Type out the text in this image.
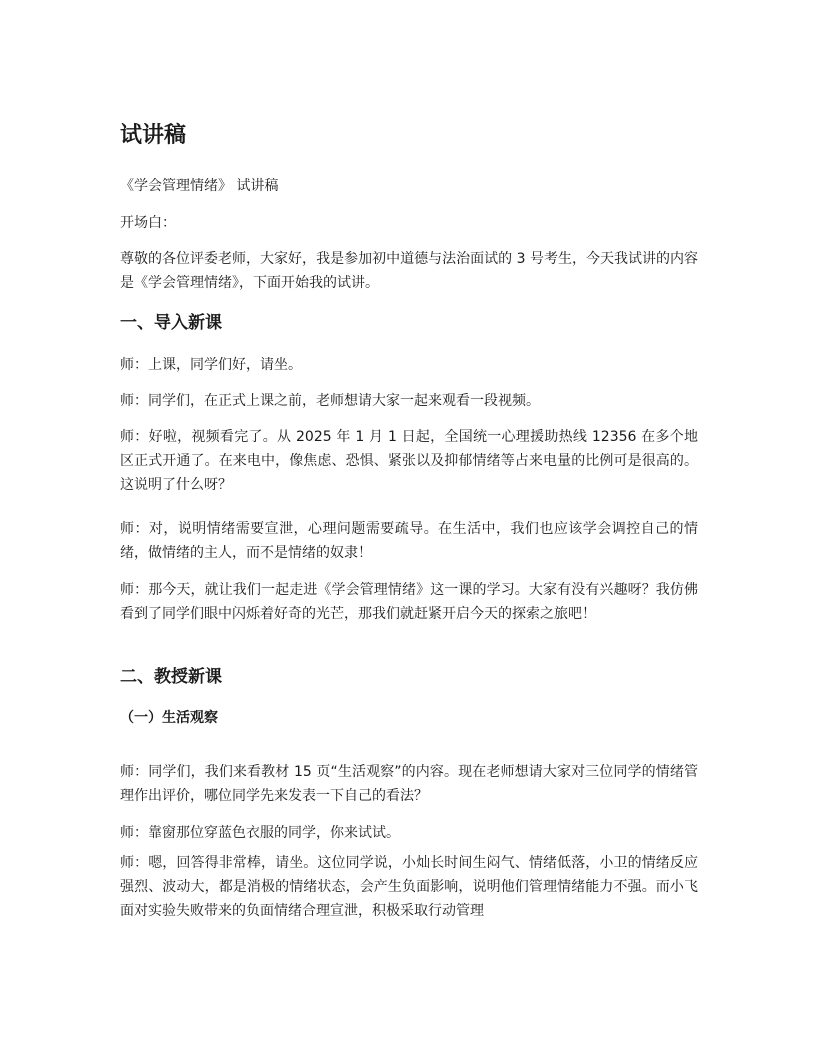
试讲稿

《学会管理情绪》 试讲稿

开场白：

尊敬的各位评委老师，大家好，我是参加初中道德与法治面试的 3 号考生，今天我试讲的内容是《学会管理情绪》，下面开始我的试讲。

一、导入新课

师：上课，同学们好，请坐。

师：同学们，在正式上课之前，老师想请大家一起来观看一段视频。

师：好啦，视频看完了。从 2025 年 1 月 1 日起，全国统一心理援助热线 12356 在多个地区正式开通了。在来电中，像焦虑、恐惧、紧张以及抑郁情绪等占来电量的比例可是很高的。这说明了什么呀？

师：对，说明情绪需要宣泄，心理问题需要疏导。在生活中，我们也应该学会调控自己的情绪，做情绪的主人，而不是情绪的奴隶！

师：那今天，就让我们一起走进《学会管理情绪》这一课的学习。大家有没有兴趣呀？我仿佛看到了同学们眼中闪烁着好奇的光芒，那我们就赶紧开启今天的探索之旅吧！

二、教授新课
（一）生活观察

师：同学们，我们来看教材 15 页“生活观察”的内容。现在老师想请大家对三位同学的情绪管理作出评价，哪位同学先来发表一下自己的看法？

师：靠窗那位穿蓝色衣服的同学，你来试试。

师：嗯，回答得非常棒，请坐。这位同学说，小灿长时间生闷气、情绪低落，小卫的情绪反应强烈、波动大，都是消极的情绪状态，会产生负面影响，说明他们管理情绪能力不强。而小飞面对实验失败带来的负面情绪合理宣泄，积极采取行动管理
